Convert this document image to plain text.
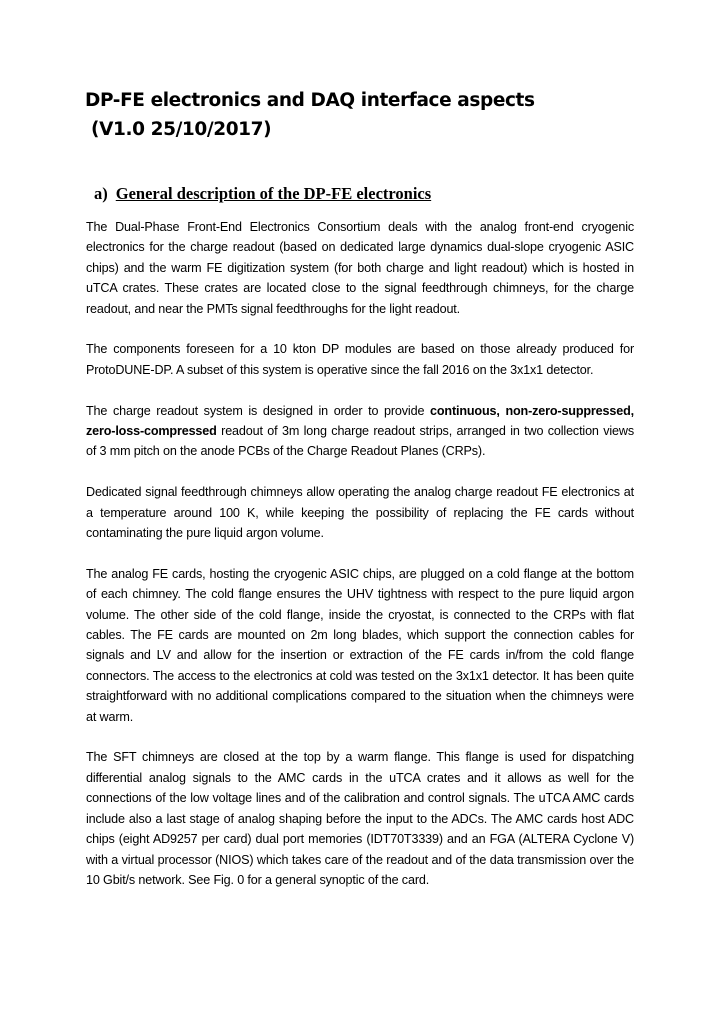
DP-FE electronics and DAQ interface aspects
(V1.0 25/10/2017)
a) General description of the DP-FE electronics

The Dual-Phase Front-End Electronics Consortium deals with the analog front-end cryogenic electronics for the charge readout (based on dedicated large dynamics dual-slope cryogenic ASIC chips) and the warm FE digitization system (for both charge and light readout) which is hosted in uTCA crates. These crates are located close to the signal feedthrough chimneys, for the charge readout, and near the PMTs signal feedthroughs for the light readout.

The components foreseen for a 10 kton DP modules are based on those already produced for ProtoDUNE-DP. A subset of this system is operative since the fall 2016 on the 3x1x1 detector.

The charge readout system is designed in order to provide continuous, non-zero-suppressed, zero-loss-compressed readout of 3m long charge readout strips, arranged in two collection views of 3 mm pitch on the anode PCBs of the Charge Readout Planes (CRPs).

Dedicated signal feedthrough chimneys allow operating the analog charge readout FE electronics at a temperature around 100 K, while keeping the possibility of replacing the FE cards without contaminating the pure liquid argon volume.

The analog FE cards, hosting the cryogenic ASIC chips, are plugged on a cold flange at the bottom of each chimney. The cold flange ensures the UHV tightness with respect to the pure liquid argon volume. The other side of the cold flange, inside the cryostat, is connected to the CRPs with flat cables. The FE cards are mounted on 2m long blades, which support the connection cables for signals and LV and allow for the insertion or extraction of the FE cards in/from the cold flange connectors. The access to the electronics at cold was tested on the 3x1x1 detector. It has been quite straightforward with no additional complications compared to the situation when the chimneys were at warm.

The SFT chimneys are closed at the top by a warm flange. This flange is used for dispatching differential analog signals to the AMC cards in the uTCA crates and it allows as well for the connections of the low voltage lines and of the calibration and control signals. The uTCA AMC cards include also a last stage of analog shaping before the input to the ADCs. The AMC cards host ADC chips (eight AD9257 per card) dual port memories (IDT70T3339) and an FGA (ALTERA Cyclone V) with a virtual processor (NIOS) which takes care of the readout and of the data transmission over the 10 Gbit/s network. See Fig. 0 for a general synoptic of the card.
